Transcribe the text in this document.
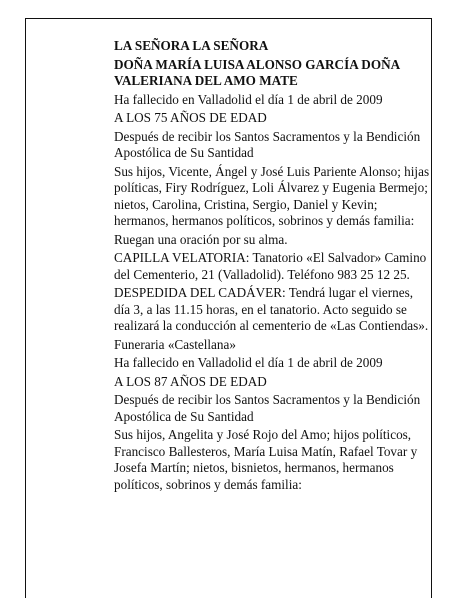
LA SEÑORA LA SEÑORA

DOÑA MARÍA LUISA ALONSO GARCÍA DOÑA VALERIANA DEL AMO MATE

Ha fallecido en Valladolid el día 1 de abril de 2009

A LOS 75 AÑOS DE EDAD

Después de recibir los Santos Sacramentos y la Bendición Apostólica de Su Santidad

Sus hijos, Vicente, Ángel y José Luis Pariente Alonso; hijas políticas, Firy Rodríguez, Loli Álvarez y Eugenia Bermejo; nietos, Carolina, Cristina, Sergio, Daniel y Kevin; hermanos, hermanos políticos, sobrinos y demás familia:

Ruegan una oración por su alma.

CAPILLA VELATORIA: Tanatorio «El Salvador» Camino del Cementerio, 21 (Valladolid). Teléfono 983 25 12 25.

DESPEDIDA DEL CADÁVER: Tendrá lugar el viernes, día 3, a las 11.15 horas, en el tanatorio. Acto seguido se realizará la conducción al cementerio de «Las Contiendas».

Funeraria «Castellana»

Ha fallecido en Valladolid el día 1 de abril de 2009

A LOS 87 AÑOS DE EDAD

Después de recibir los Santos Sacramentos y la Bendición Apostólica de Su Santidad

Sus hijos, Angelita y José Rojo del Amo; hijos políticos, Francisco Ballesteros, María Luisa Matín, Rafael Tovar y Josefa Martín; nietos, bisnietos, hermanos, hermanos políticos, sobrinos y demás familia:
